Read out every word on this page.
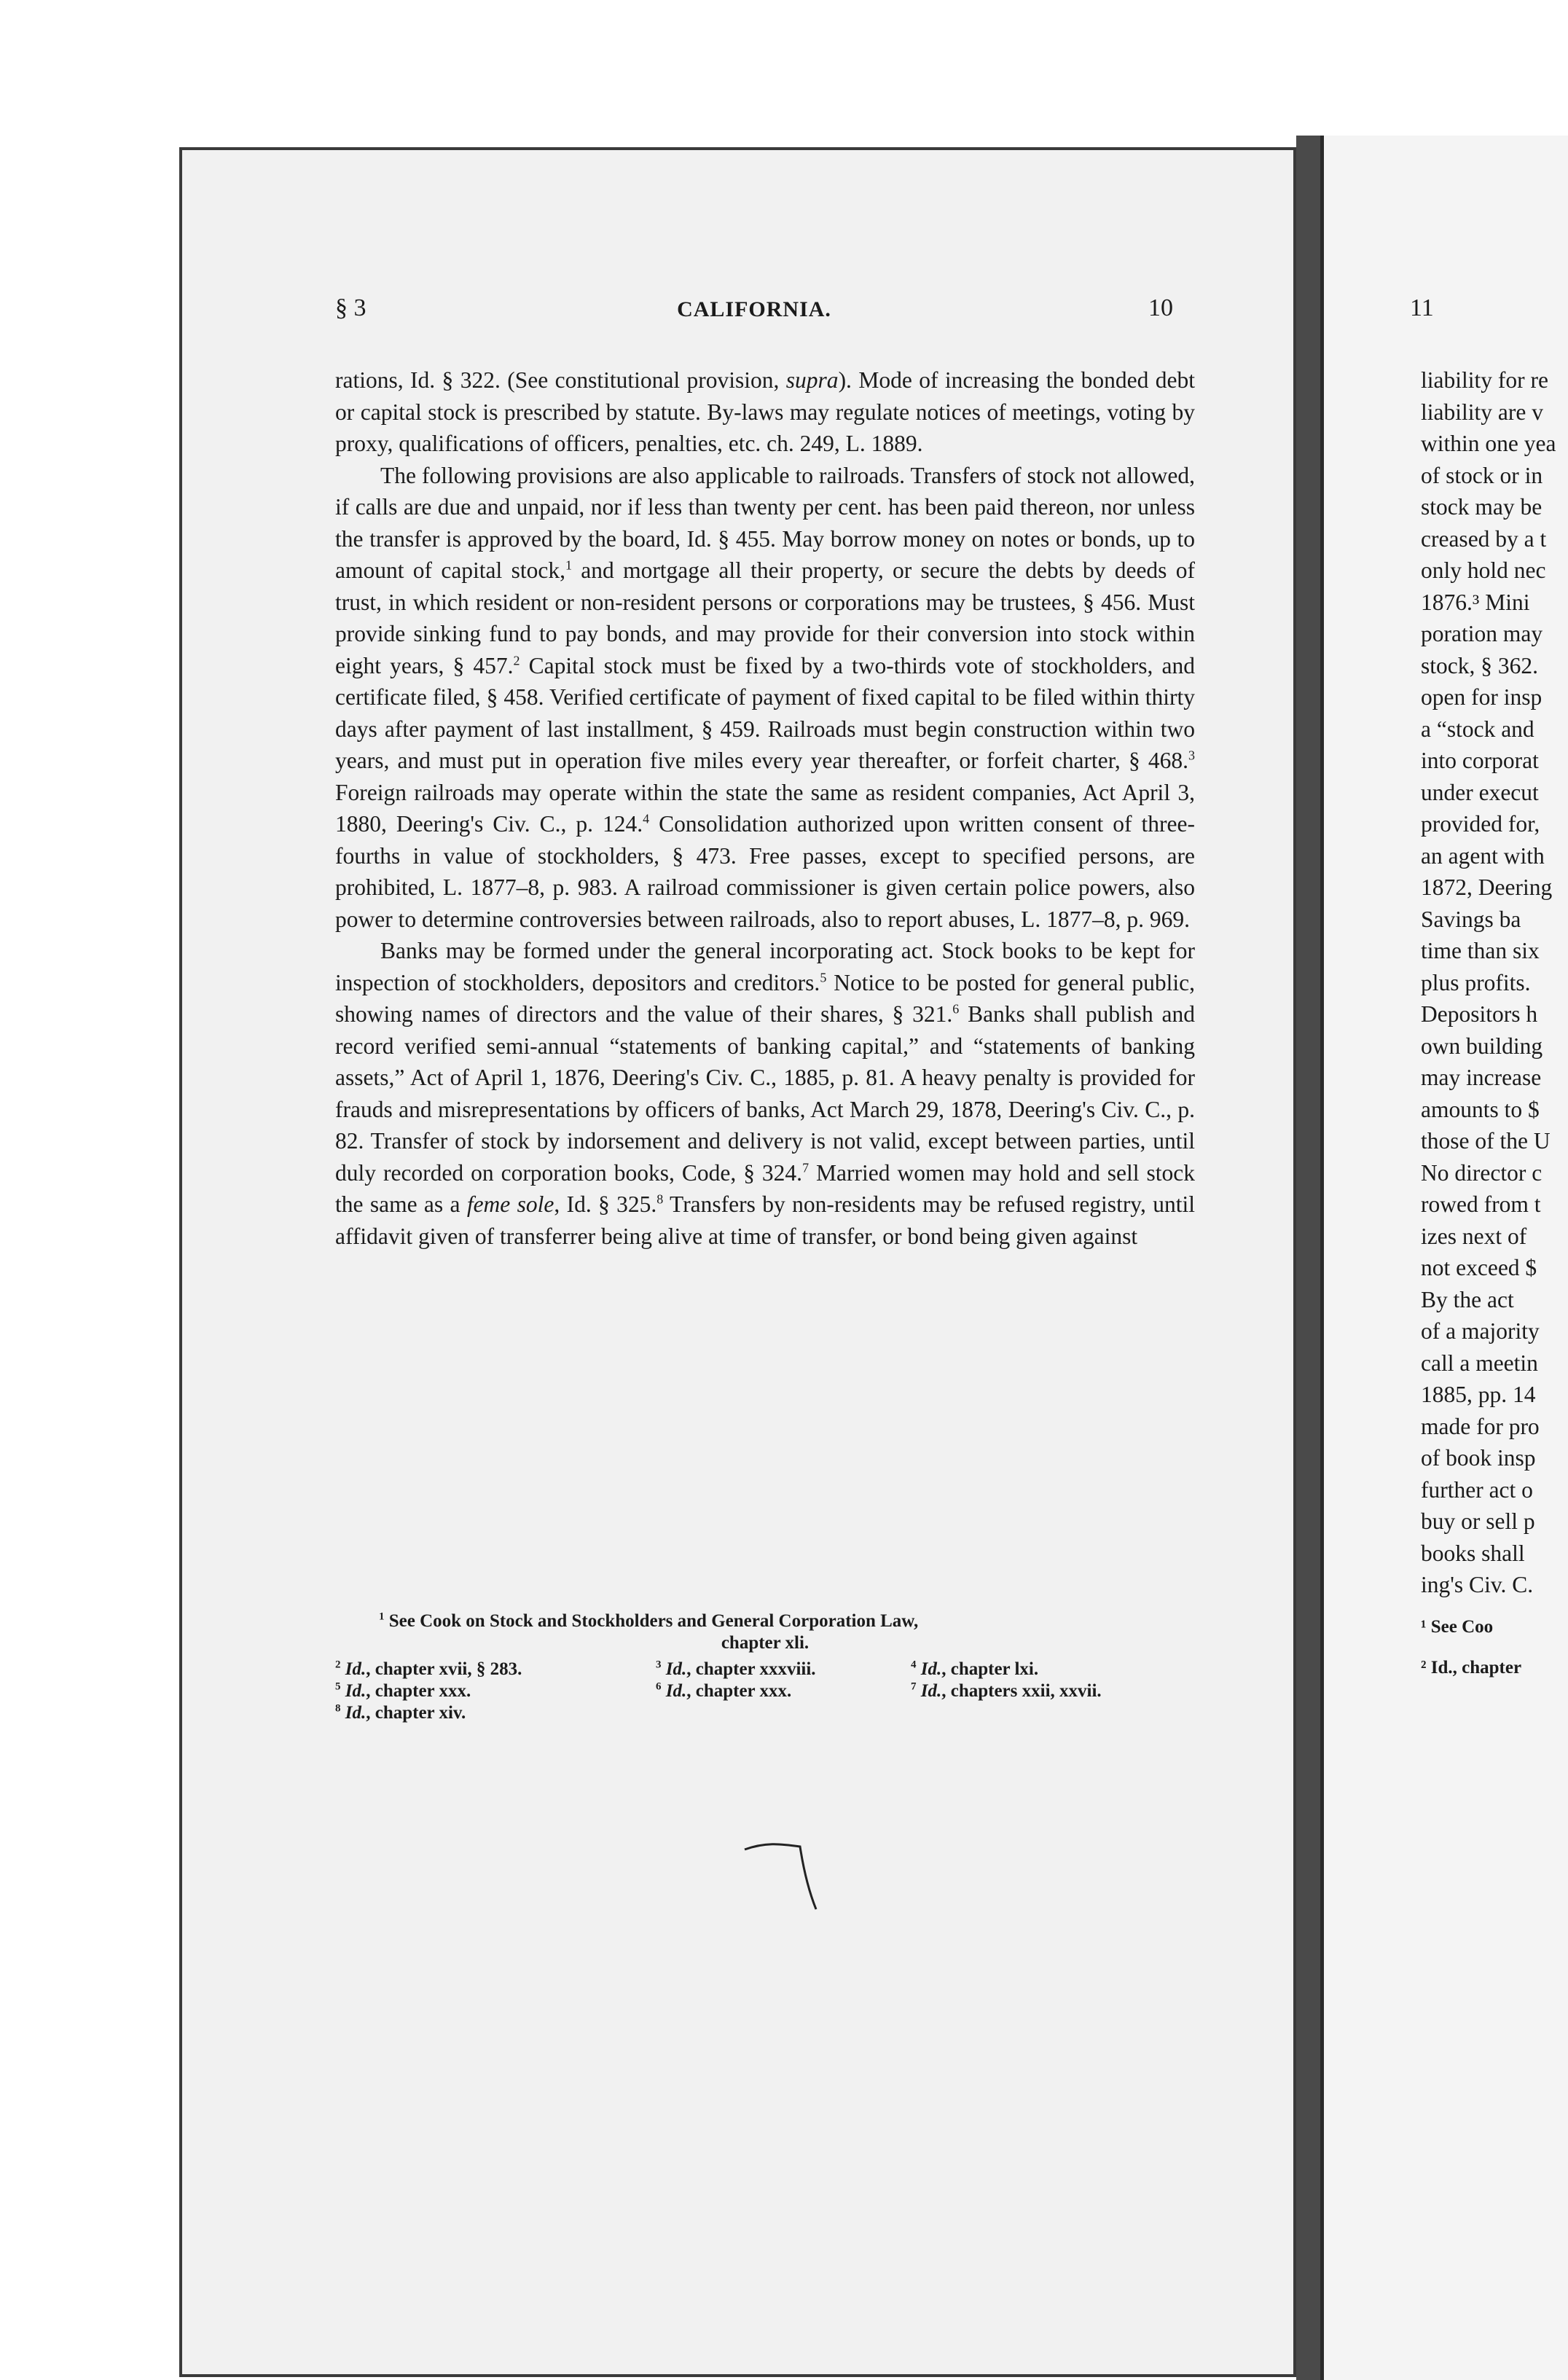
§ 3	CALIFORNIA.	10

rations, Id. § 322. (See constitutional provision, supra). Mode of increasing the bonded debt or capital stock is prescribed by statute. By-laws may regulate notices of meetings, voting by proxy, qualifications of officers, penalties, etc. ch. 249, L. 1889.

The following provisions are also applicable to railroads. Transfers of stock not allowed, if calls are due and unpaid, nor if less than twenty per cent. has been paid thereon, nor unless the transfer is approved by the board, Id. § 455. May borrow money on notes or bonds, up to amount of capital stock,$^1$ and mortgage all their property, or secure the debts by deeds of trust, in which resident or non-resident persons or corporations may be trustees, § 456. Must provide sinking fund to pay bonds, and may provide for their conversion into stock within eight years, § 457.$^2$ Capital stock must be fixed by a two-thirds vote of stockholders, and certificate filed, § 458. Verified certificate of payment of fixed capital to be filed within thirty days after payment of last installment, § 459. Railroads must begin construction within two years, and must put in operation five miles every year thereafter, or forfeit charter, § 468.$^3$ Foreign railroads may operate within the state the same as resident companies, Act April 3, 1880, Deering's Civ. C., p. 124.$^4$ Consolidation authorized upon written consent of three-fourths in value of stockholders, § 473. Free passes, except to specified persons, are prohibited, L. 1877–8, p. 983. A railroad commissioner is given certain police powers, also power to determine controversies between railroads, also to report abuses, L. 1877–8, p. 969.

Banks may be formed under the general incorporating act. Stock books to be kept for inspection of stockholders, depositors and creditors.$^5$ Notice to be posted for general public, showing names of directors and the value of their shares, § 321.$^6$ Banks shall publish and record verified semi-annual “statements of banking capital,” and “statements of banking assets,” Act of April 1, 1876, Deering's Civ. C., 1885, p. 81. A heavy penalty is provided for frauds and misrepresentations by officers of banks, Act March 29, 1878, Deering's Civ. C., p. 82. Transfer of stock by indorsement and delivery is not valid, except between parties, until duly recorded on corporation books, Code, § 324.$^7$ Married women may hold and sell stock the same as a feme sole, Id. § 325.$^8$ Transfers by non-residents may be refused registry, until affidavit given of transferrer being alive at time of transfer, or bond being given against

$^1$ See Cook on Stock and Stockholders and General Corporation Law,
chapter xli.
$^2$ Id., chapter xvii, § 283.	$^3$ Id., chapter xxxviii.	$^4$ Id., chapter lxi.
$^5$ Id., chapter xxx.	$^6$ Id., chapter xxx.	$^7$ Id., chapters xxii, xxvii.
$^8$ Id., chapter xiv.
11
liability for re
liability are v
within one yea
of stock or in
stock may be
creased by a t
only hold nec
1876.³ Mini
poration may
stock, § 362.
open for insp
a “stock and
into corporat
under execut
provided for,
an agent with
1872, Deering
Savings ba
time than six
plus profits.
Depositors h
own building
may increase
amounts to $
those of the U
No director c
rowed from t
izes next of
not exceed $
By the act
of a majority
call a meetin
1885, pp. 14
made for pro
of book insp
further act o
buy or sell p
books shall
ing's Civ. C.
¹ See Coo
² Id., chapter
